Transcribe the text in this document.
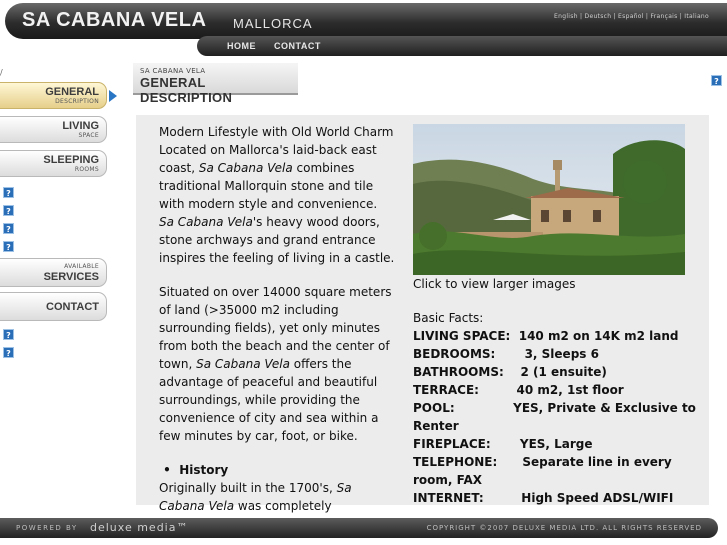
SA CABANA VELA MALLORCA	English | Deutsch | Español | Français | Italiano
HOME CONTACT
/
GENERAL
DESCRIPTION
LIVING
SPACE
SLEEPING
ROOMS
?
?
?
?
AVAILABLE
SERVICES
CONTACT
?
?
?
SA CABANA VELA
GENERAL DESCRIPTION

Modern Lifestyle with Old World Charm Located on Mallorca's laid-back east coast, Sa Cabana Vela combines traditional Mallorquin stone and tile with modern style and convenience. Sa Cabana Vela's heavy wood doors, stone archways and grand entrance inspires the feeling of living in a castle.

Situated on over 14000 square meters of land (>35000 m2 including surrounding fields), yet only minutes from both the beach and the center of town, Sa Cabana Vela offers the advantage of peaceful and beautiful surroundings, while providing the convenience of city and sea within a few minutes by car, foot, or bike.

•  History

Originally built in the 1700's, Sa Cabana Vela was completely

Click to view larger images
Basic Facts:
LIVING SPACE:  140 m2 on 14K m2 land
BEDROOMS:       3, Sleeps 6
BATHROOMS:    2 (1 ensuite)
TERRACE:         40 m2, 1st floor
POOL:              YES, Private & Exclusive to Renter
FIREPLACE:       YES, Large
TELEPHONE:      Separate line in every room, FAX
INTERNET:         High Speed ADSL/WIFI
POWERED BY deluxe media™	COPYRIGHT ©2007 DELUXE MEDIA LTD. ALL RIGHTS RESERVED
